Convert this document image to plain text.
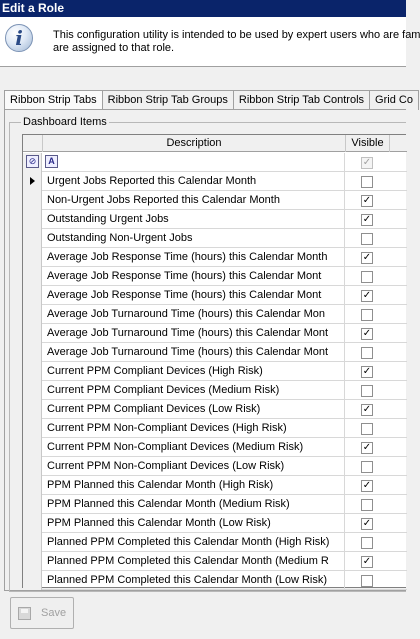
Edit a Role
i	This configuration utility is intended to be used by expert users who are fam
are assigned to that role.
Ribbon Strip Tabs Ribbon Strip Tab Groups Ribbon Strip Tab Controls Grid Co
Dashboard Items
Description	Visible
⊘	A	✓
Urgent Jobs Reported this Calendar Month
Non-Urgent Jobs Reported this Calendar Month	✓
Outstanding Urgent Jobs	✓
Outstanding Non-Urgent Jobs
Average Job Response Time (hours) this Calendar Month	✓
Average Job Response Time (hours) this Calendar Mont
Average Job Response Time (hours) this Calendar Mont	✓
Average Job Turnaround Time (hours) this Calendar Mon
Average Job Turnaround Time (hours) this Calendar Mont	✓
Average Job Turnaround Time (hours) this Calendar Mont
Current PPM Compliant Devices (High Risk)	✓
Current PPM Compliant Devices (Medium Risk)
Current PPM Compliant Devices (Low Risk)	✓
Current PPM Non-Compliant Devices (High Risk)
Current PPM Non-Compliant Devices (Medium Risk)	✓
Current PPM Non-Compliant Devices (Low Risk)
PPM Planned this Calendar Month (High Risk)	✓
PPM Planned this Calendar Month (Medium Risk)
PPM Planned this Calendar Month (Low Risk)	✓
Planned PPM Completed this Calendar Month (High Risk)
Planned PPM Completed this Calendar Month (Medium R	✓
Planned PPM Completed this Calendar Month (Low Risk)
Save
